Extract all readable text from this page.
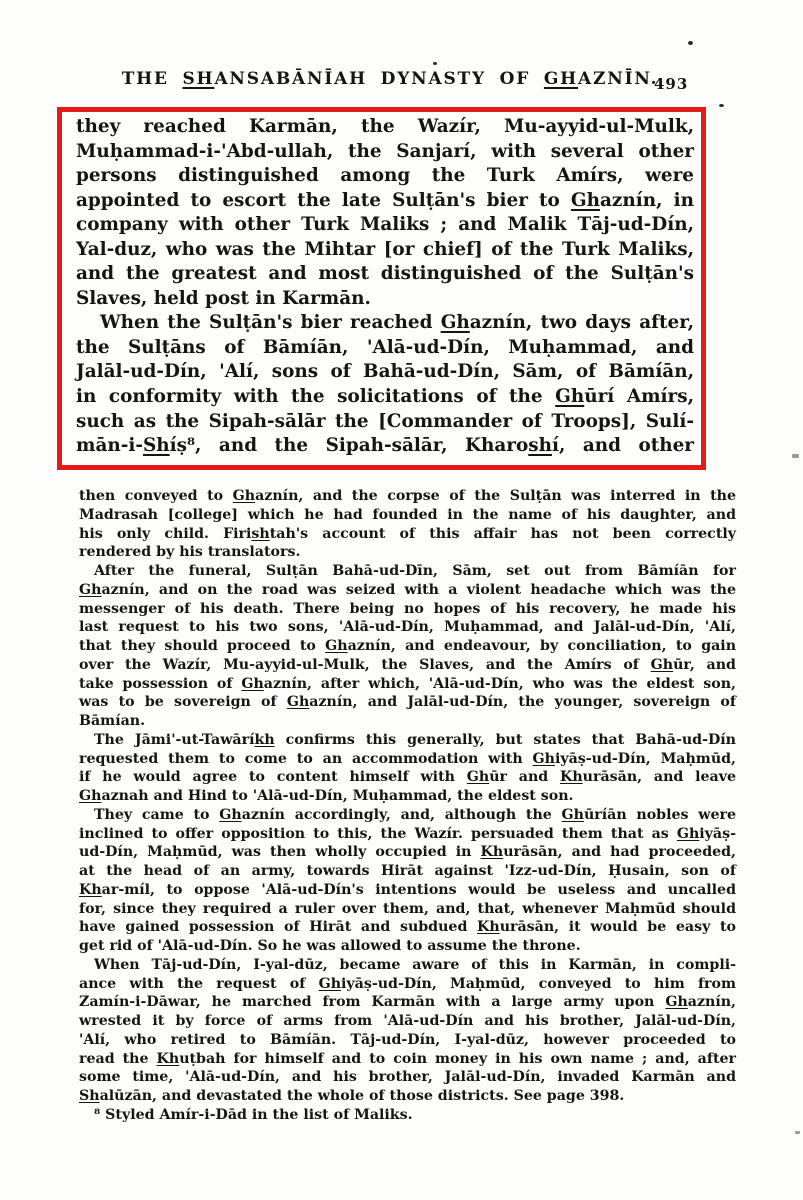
THE SHANSABĀNĪAH DYNASTY OF GHAZNĪN.
493
they reached Karmān, the Wazír, Mu-ayyid-ul-Mulk,
Muḥammad-i-'Abd-ullah, the Sanjarí, with several other
persons distinguished among the Turk Amírs, were
appointed to escort the late Sulṭān's bier to Ghaznín, in
company with other Turk Maliks ; and Malik Tāj-ud-Dín,
Yal-duz, who was the Mihtar [or chief] of the Turk Maliks,
and the greatest and most distinguished of the Sulṭān's
Slaves, held post in Karmān.
When the Sulṭān's bier reached Ghaznín, two days after,
the Sulṭāns of Bāmíān, 'Alā-ud-Dín, Muḥammad, and
Jalāl-ud-Dín, 'Alí, sons of Bahā-ud-Dín, Sām, of Bāmíān,
in conformity with the solicitations of the Ghūrí Amírs,
such as the Sipah-sālār the [Commander of Troops], Sulí-
mān-i-Shíṣ⁸, and the Sipah-sālār, Kharoshí, and other
then conveyed to Ghaznín, and the corpse of the Sulṭān was interred in the
Madrasah [college] which he had founded in the name of his daughter, and
his only child. Firishtah's account of this affair has not been correctly
rendered by his translators.
After the funeral, Sulṭān Bahā-ud-Dīn, Sām, set out from Bāmíān for
Ghaznín, and on the road was seized with a violent headache which was the
messenger of his death. There being no hopes of his recovery, he made his
last request to his two sons, 'Alā-ud-Dín, Muḥammad, and Jalāl-ud-Dín, 'Alí,
that they should proceed to Ghaznín, and endeavour, by conciliation, to gain
over the Wazír, Mu-ayyid-ul-Mulk, the Slaves, and the Amírs of Ghūr, and
take possession of Ghaznín, after which, 'Alā-ud-Dín, who was the eldest son,
was to be sovereign of Ghaznín, and Jalāl-ud-Dín, the younger, sovereign of
Bāmían.
The Jāmi'-ut-Tawāríkh confirms this generally, but states that Bahā-ud-Dín
requested them to come to an accommodation with Ghiyāṣ-ud-Dín, Maḥmūd,
if he would agree to content himself with Ghūr and Khurāsān, and leave
Ghaznah and Hind to 'Alā-ud-Dín, Muḥammad, the eldest son.
They came to Ghaznín accordingly, and, although the Ghūríān nobles were
inclined to offer opposition to this, the Wazír. persuaded them that as Ghiyāṣ-
ud-Dín, Maḥmūd, was then wholly occupied in Khurāsān, and had proceeded,
at the head of an army, towards Hirāt against 'Izz-ud-Dín, Ḥusain, son of
Khar-míl, to oppose 'Alā-ud-Dín's intentions would be useless and uncalled
for, since they required a ruler over them, and, that, whenever Maḥmūd should
have gained possession of Hirāt and subdued Khurāsān, it would be easy to
get rid of 'Alā-ud-Dín. So he was allowed to assume the throne.
When Tāj-ud-Dín, I-yal-dūz, became aware of this in Karmān, in compli-
ance with the request of Ghiyāṣ-ud-Dín, Maḥmūd, conveyed to him from
Zamín-i-Dāwar, he marched from Karmān with a large army upon Ghaznín,
wrested it by force of arms from 'Alā-ud-Dín and his brother, Jalāl-ud-Dín,
'Alí, who retired to Bāmíān. Tāj-ud-Dín, I-yal-dūz, however proceeded to
read the Khuṭbah for himself and to coin money in his own name ; and, after
some time, 'Alā-ud-Dín, and his brother, Jalāl-ud-Dín, invaded Karmān and
Shalūzān, and devastated the whole of those districts. See page 398.
⁸ Styled Amír-i-Dād in the list of Maliks.
